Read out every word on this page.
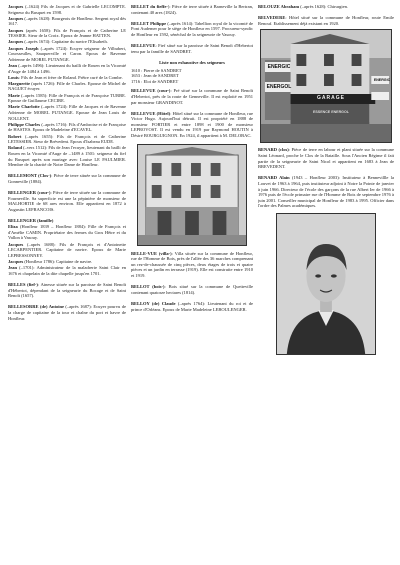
Jacques (–1624) Fils de Jacques et de Gabrielle LECOMPTE. Seigneur du Busquet en 1598.
Jacques (–après 1628): Bourgeois de Honfleur. Sergent royal dès 1617.
Jacques (après 1658): Fils de François et de Catherine LE TESSIER. Sieur de la Croix. Epoux de Jeanne HATTEN.
Jacques (–après 1674): Capitaine du navire l'Elisabeth.
Jacques Joseph (–après 1724): Ecuyer seigneur de Vilbubert, Coursseulles, Sauquerville et Caron. Epoux de Ravenne Adrienne de MOREL PUTANGE.
Jean (–après 1496): Lieutenant du bailli de Rouen en la Vicomté d'Auge de 1484 à 1496.
Louis: Fils de Jean et frère de Roland. Prêtre curé de la Combe.
Marguerite (après 1726): Fille de Charles. Epouse de Michel de NAGUET écuyer.
Marie (–après 1585): Fille de François et de Françoise TURBE. Epouse de Guillaume CECIRE.
Marie Charlotte (–après 1724): Fille de Jacques et de Ravenne Adrienne de MOREL PUTANGE. Epouse de Jean Louis de NOLLENT.
Philippe Charles (–après 1716): Fils d'Ambroise et de Françoise de HASTES. Epoux de Madeleine d'ECAVEL.
Robert (–après 1655): Fils de François et de Catherine LETESSIER. Sieur de Brévedent. Epoux d'Isabeau EUDE.
Roland (–vers 1512): Fils de Jean l'ecuyer, lieutenant du bailli de Rouen en la Vicomté d'Auge de –1489 à 1501: seigneur du fief du Busquet après son mariage avec Louise LE PAULMIER. Membre de la charité de Notre Dame de Honfleur.
BELLEMONT (Clos-): Pièce de terre située sur la commune de Gonneville (1884).
BELLENGER (cour-): Pièce de terre située sur la commune de Fourneville. Sa superficie est une la pépinière de monsieur de MALHORTIE de 68 ares environ. Elle appartient en 1872 à Augustin LEFRANCOIS.
BELLENGER (famille)
Eliza (Honfleur 1839 – Honfleur 1884): Fille de François et d'Amélie CAMIN. Propriétaire des fermes du Gros Hêtre et du Vallon à Vasouy.
Jacques (–après 1688): Fils de François et d'Antoinette LECARPENTIER. Capitaine de navire. Epoux de Marie LEPRESSONNEY.
Jacques (Honfleur 1786): Capitaine de navire.
Jean (–1701): Administrateur de la maladrerie Saint Clair en 1676 et chapelain de la dite chapelle jusqu'en 1701.
BELLES (fief-): Ainesse située sur la paroisse de Saint Benoît d'Hébertot, dépendant de la seigneurie du Bocage et de Saint Benoît (1657).
BELLESORRE (de) Antoine (–après 1687): Ecuyer pourvu de la charge de capitaine de la tour et chalne du port et havre de Honfleur.
BELLET du fieffe-): Pièce de terre située à Barneville la Bertran, contenant 40 ares (1824).
BELLET Philippe (–après 1614): Tabellion royal de la vicomté de Pont Audemer pour le siège de Honfleur en 1597. Procureur-syndic de Honfleur en 1592, sénéchal de la seigneurie de Vasouy.
BELLEVUE: Fief situé sur la paroisse de Saint Benoît d'Hebertot tenu par la famille de SANDRET.
Liste non exhaustive des seigneurs
1610 : Pierre de SANDRET
1653 : Jean de SANDRET
1716 : Eloi de SANDRET
BELLEVUE (cour-): Pré situé sur la commune de Saint Benoît d'Hebertot, près de la route de Genneville. Il est exploité en 1951 par monsieur GRANDINOT.
BELLEVUE (Hôtel): Hôtel situé sur la commune de Honfleur, rue Victor Hugo. Aujourd'hui détruit. Il est propriété en 1888 de monsieur FORTIER et entre 1898 et 1900 de monsieur LEPROVOST. Il est vendu en 1919 par Raymond HOUTIN à Désiré BOURGUIGNON. En 1924, il appartient à M. DELOBAC.
BELLE-VUE (villa-): Villa située sur la commune de Honfleur, rue de l'Homme de Bois, près de l'allée des 36 marches comprenant un rez-de-chaussée de cinq pièces, deux étages de trois et quatre pièces et un jardin en terrasse (1919). Elle est construite entre 1910 et 1919.
BELLOT (bois-): Bois situé sur la commune de Quetteville contenant quatorze hectares (1814).
BELLOY (de) Claude (–après 1764): Lieutenant du roi et de prince d'Orléans. Epoux de Marie Madeleine LEBOULENGER.
BELOUZE Abraham (–après 1628): Chirurgien.
BELVEDERE: Hôtel situé sur la commune de Honfleur, route Emile Renouf. Etablissement déjà existant en 1920.
ENERGIC
ENERGOL
ENERGIC
GARAGE
ESSENCE ENERGOL
BENARD (clos): Pièce de terre en labour et plant située sur la commune Saint Léonard, proche le Clos de la Bataille. Sous l'Ancien Régime il fait partie de la seigneurie de Saint Nicol et appartient en 1683 à Jean de BREVEDENT.
BENARD Alain (1943 – Honfleur 2003): Instituteur à Bennevillle la Louvet de 1963 à 1964, puis instituteur adjoint à Notre la Pointe de janvier à juin 1966. Directeur de l'école des garçons de la rue Albert Ier de 1966 à 1976 puis de l'école primaire rue de l'Homme de Bois de septembre 1976 à juin 2001. Conseiller municipal de Honfleur de 1983 à 1995. Officier dans l'ordre des Palmes académiques.
